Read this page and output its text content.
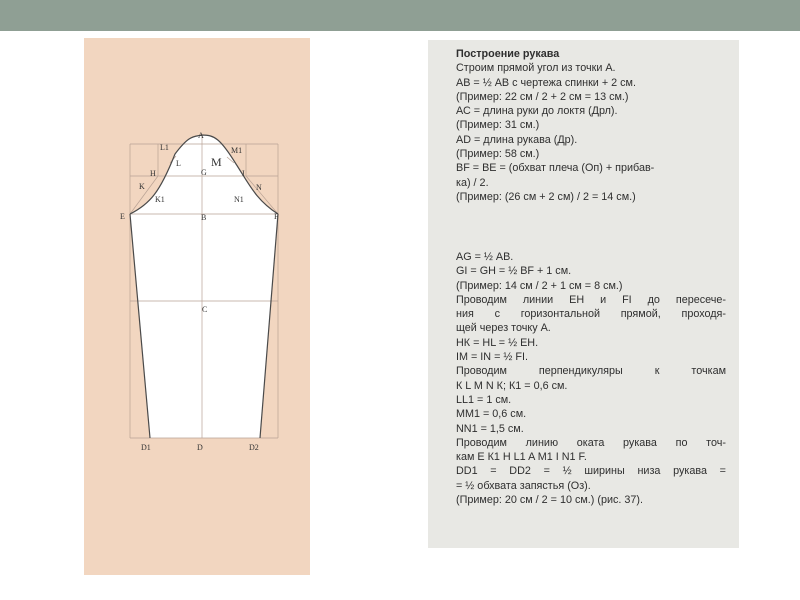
A
L1	M1
M
L
H	G	I
K	N
K1	N1
E	B	F
C
D1	D	D2
Построение рукава
Строим прямой угол из точки А.
АВ = ½ АВ с чертежа спинки + 2 см.
(Пример: 22 см / 2 + 2 см = 13 см.)
АС = длина руки до локтя (Дрл).
(Пример: 31 см.)
AD = длина рукава (Др).
(Пример: 58 см.)
BF = BE = (обхват плеча (Оп) + прибав-
ка) / 2.
(Пример: (26 см + 2 см) / 2 = 14 см.)
AG = ½ АВ.
GI = GH = ½ BF + 1 см.
(Пример: 14 см / 2 + 1 см = 8 см.)
Проводим линии ЕН и FI до пересече-
ния с горизонтальной прямой, проходя-
щей через точку А.
НК = HL = ½ ЕН.
IM = IN = ½ FI.
Проводим перпендикуляры к точкам
К L M N К; К1 = 0,6 см.
LL1 = 1 см.
ММ1 = 0,6 см.
NN1 = 1,5 см.
Проводим линию оката рукава по точ-
кам Е К1 Н L1 A M1 I N1 F.
DD1 = DD2 = ½ ширины низа рукава =
= ½ обхвата запястья (Оз).
(Пример: 20 см / 2 = 10 см.) (рис. 37).
